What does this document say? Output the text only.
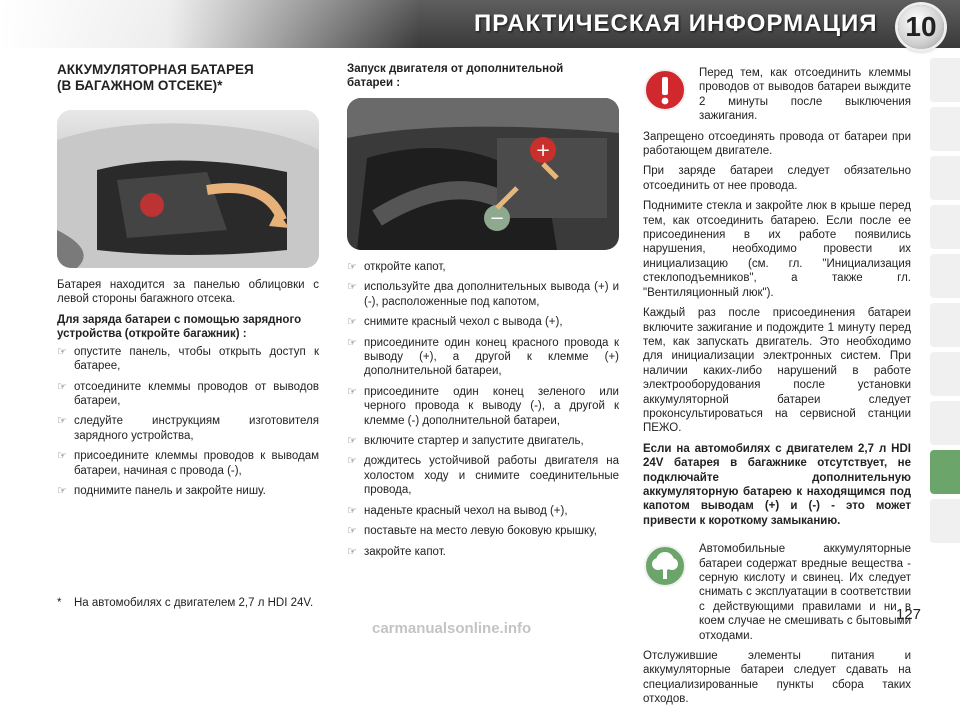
ПРАКТИЧЕСКАЯ ИНФОРМАЦИЯ 10
АККУМУЛЯТОРНАЯ БАТАРЕЯ
(В БАГАЖНОМ ОТСЕКЕ)*

Батарея находится за панелью облицовки с левой стороны багажного отсека.

Для заряда батареи с помощью зарядного устройства (откройте багажник) :
☞ опустите панель, чтобы открыть доступ к батарее,
☞ отсоедините клеммы проводов от выводов батареи,
☞ следуйте инструкциям изготовителя зарядного устройства,
☞ присоедините клеммы проводов к выводам батареи, начиная с провода (-),
☞ поднимите панель и закройте нишу.
Запуск двигателя от дополнительной
батареи :
+
−
☞ откройте капот,
☞ используйте два дополнительных вывода (+) и (-), расположенные под капотом,
☞ снимите красный чехол с вывода (+),
☞ присоедините один конец красного провода к выводу (+), а другой к клемме (+) дополнительной батареи,
☞ присоедините один конец зеленого или черного провода к выводу (-), а другой к клемме (-) дополнительной батареи,
☞ включите стартер и запустите двигатель,
☞ дождитесь устойчивой работы двигателя на холостом ходу и снимите соединительные провода,
☞ наденьте красный чехол на вывод (+),
☞ поставьте на место левую боковую крышку,
☞ закройте капот.

Перед тем, как отсоединить клеммы проводов от выводов батареи выждите 2 минуты после выключения зажигания.

Запрещено отсоединять провода от батареи при работающем двигателе.

При заряде батареи следует обязательно отсоединить от нее провода.

Поднимите стекла и закройте люк в крыше перед тем, как отсоединить батарею. Если после ее присоединения в их работе появились нарушения, необходимо провести их инициализацию (см. гл. "Инициализация стеклоподъемников", а также гл. "Вентиляционный люк").

Каждый раз после присоединения батареи включите зажигание и подождите 1 минуту перед тем, как запускать двигатель. Это необходимо для инициализации электронных систем. При наличии каких-либо нарушений в работе электрооборудования после установки аккумуляторной батареи следует проконсультироваться на сервисной станции ПЕЖО.

Если на автомобилях с двигателем 2,7 л HDI 24V батарея в багажнике отсутствует, не подключайте дополнительную аккумуляторную батарею к находящимся под капотом выводам (+) и (-) - это может привести к короткому замыканию.

Автомобильные аккумуляторные батареи содержат вредные вещества - серную кислоту и свинец. Их следует снимать с эксплуатации в соответствии с действующими правилами и ни в коем случае не смешивать с бытовыми отходами.

Отслужившие элементы питания и аккумуляторные батареи следует сдавать на специализированные пункты сбора таких отходов.

*	На автомобилях с двигателем 2,7 л HDI 24V.
127
carmanualsonline.info
